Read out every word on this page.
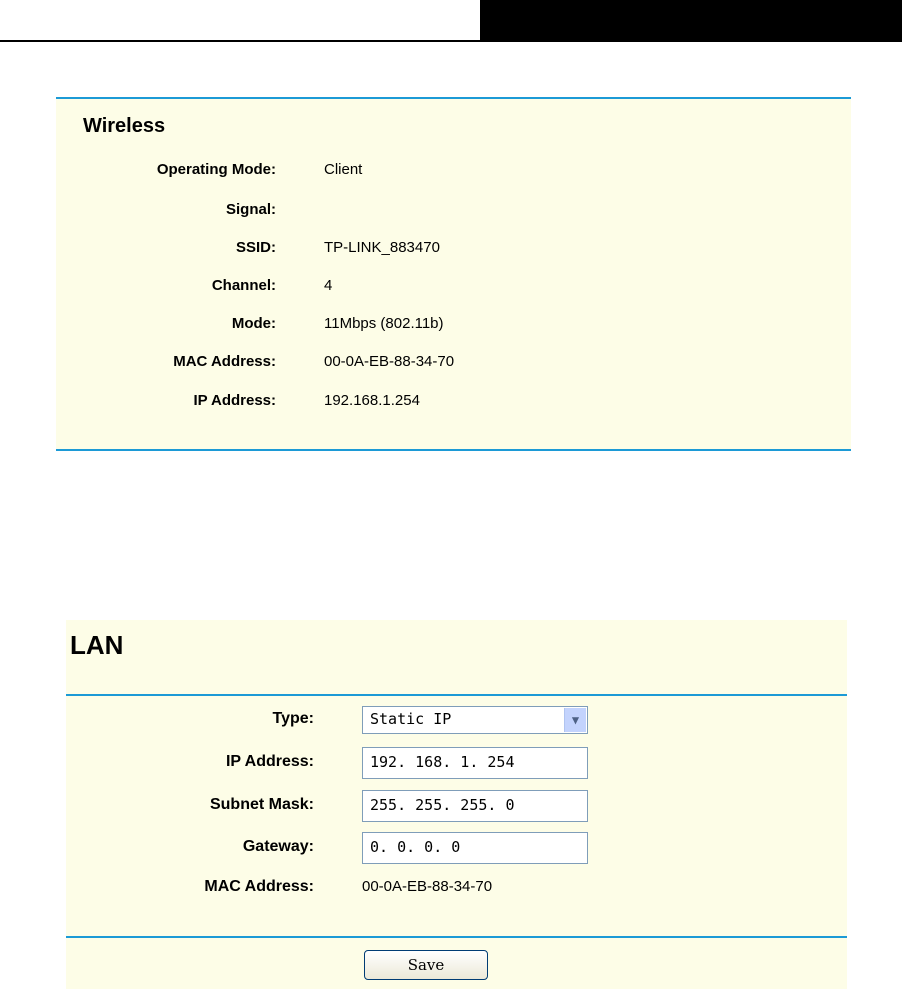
Wireless
Operating Mode:	Client
Signal:
SSID:	TP-LINK_883470
Channel:	4
Mode:	11Mbps (802.11b)
MAC Address:	00-0A-EB-88-34-70
IP Address:	192.168.1.254
LAN
Type:	Static IP	▼
IP Address:	192. 168. 1. 254
Subnet Mask:	255. 255. 255. 0
Gateway:	0. 0. 0. 0
MAC Address:	00-0A-EB-88-34-70
Save
